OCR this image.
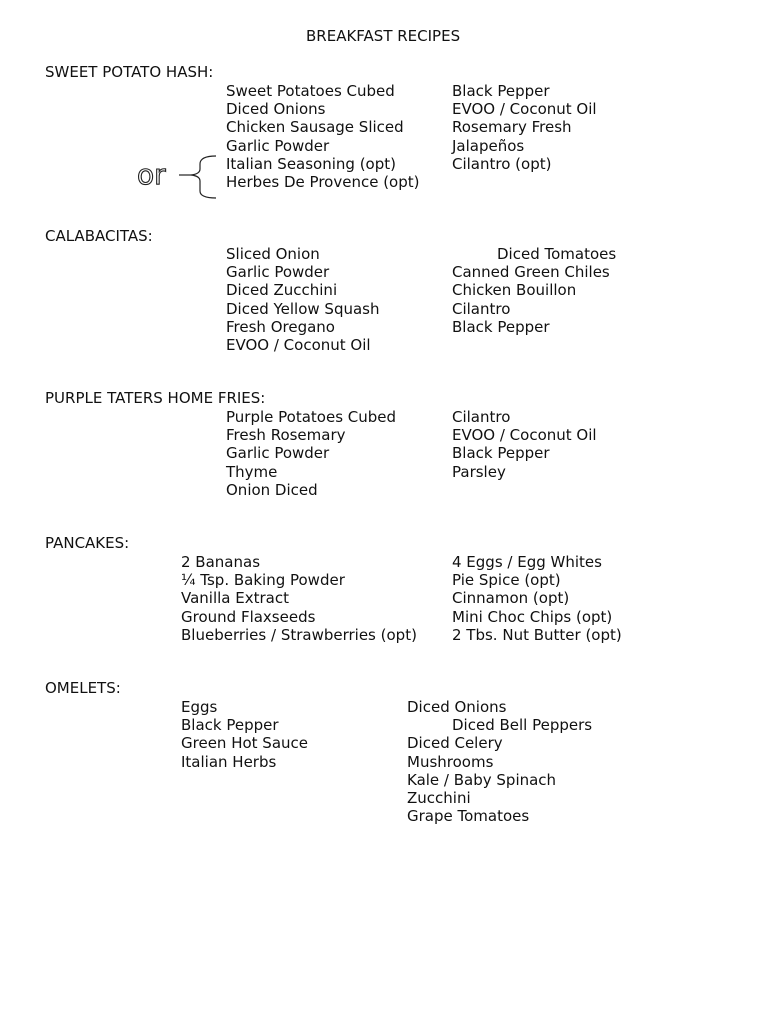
BREAKFAST RECIPES
SWEET POTATO HASH:
Sweet Potatoes Cubed
Diced Onions
Chicken Sausage Sliced
Garlic Powder
Italian Seasoning (opt)
Herbes De Provence (opt)
Black Pepper
EVOO / Coconut Oil
Rosemary Fresh
Jalapeños
Cilantro (opt)
or
CALABACITAS:
Sliced Onion
Garlic Powder
Diced Zucchini
Diced Yellow Squash
Fresh Oregano
EVOO / Coconut Oil
Diced Tomatoes
Canned Green Chiles
Chicken Bouillon
Cilantro
Black Pepper
PURPLE TATERS HOME FRIES:
Purple Potatoes Cubed
Fresh Rosemary
Garlic Powder
Thyme
Onion Diced
Cilantro
EVOO / Coconut Oil
Black Pepper
Parsley
PANCAKES:
2 Bananas
¼ Tsp. Baking Powder
Vanilla Extract
Ground Flaxseeds
Blueberries / Strawberries (opt)
4 Eggs / Egg Whites
Pie Spice (opt)
Cinnamon (opt)
Mini Choc Chips (opt)
2 Tbs. Nut Butter (opt)
OMELETS:
Eggs
Black Pepper
Green Hot Sauce
Italian Herbs
Diced Onions
Diced Bell Peppers
Diced Celery
Mushrooms
Kale / Baby Spinach
Zucchini
Grape Tomatoes
